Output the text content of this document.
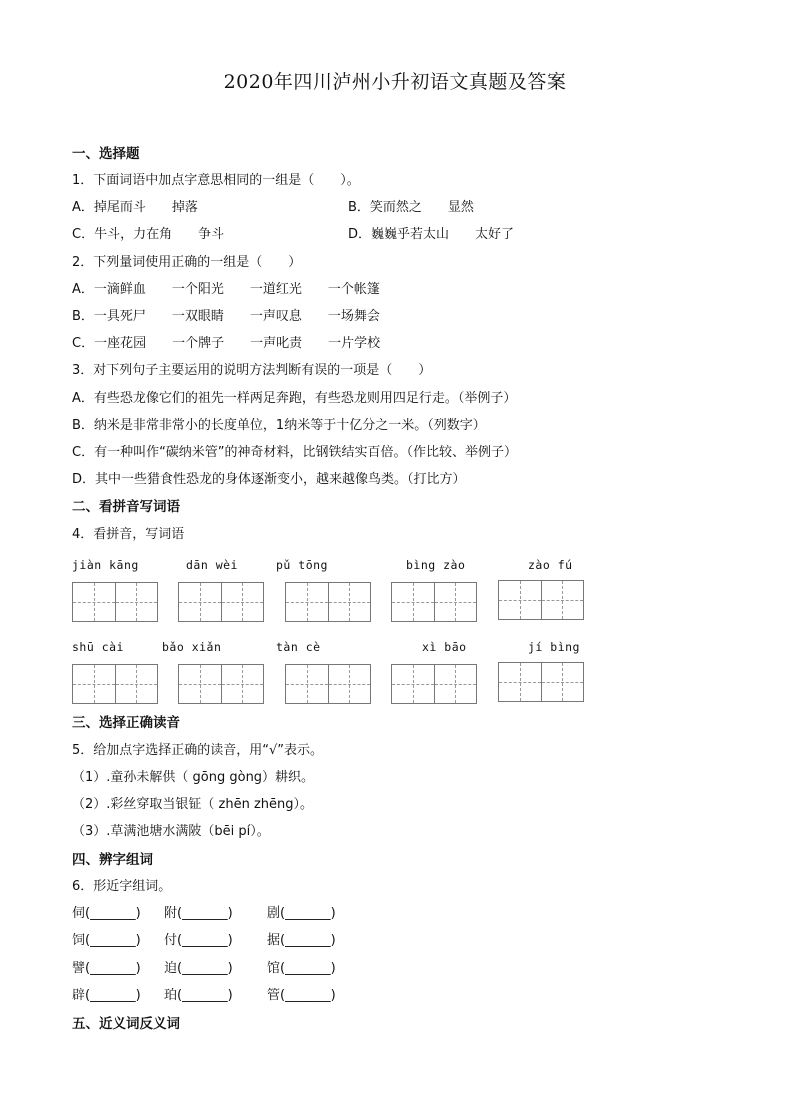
2020年四川泸州小升初语文真题及答案
一、选择题
1．下面词语中加点字意思相同的一组是（　　）。
A．掉尾而斗　　掉落	B．笑而然之　　显然
C．牛斗，力在角　　争斗	D．巍巍乎若太山　　太好了
2．下列量词使用正确的一组是（　　）
A．一滴鲜血　　一个阳光　　一道红光　　一个帐篷
B．一具死尸　　一双眼睛　　一声叹息　　一场舞会
C．一座花园　　一个牌子　　一声叱责　　一片学校
3．对下列句子主要运用的说明方法判断有误的一项是（　　）
A．有些恐龙像它们的祖先一样两足奔跑，有些恐龙则用四足行走。（举例子）
B．纳米是非常非常小的长度单位，1纳米等于十亿分之一米。（列数字）
C．有一种叫作“碳纳米管”的神奇材料，比钢铁结实百倍。（作比较、举例子）
D．其中一些猎食性恐龙的身体逐渐变小，越来越像鸟类。（打比方）
二、看拼音写词语
4．看拼音，写词语
jiàn kāng	dān wèi	pǔ tōng	bìng zào	zào fú
shū cài	bǎo xiǎn	tàn cè	xì bāo	jí bìng
三、选择正确读音
5．给加点字选择正确的读音，用“√”表示。
（1）.童孙未解供（ gōng gòng）耕织。
（2）.彩丝穿取当银钲（ zhēn zhēng）。
（3）.草满池塘水满陂（bēi pí）。
四、辨字组词
6．形近字组词。
伺(_______) 附(_______)	剧(_______)
饲(_______) 付(_______)	据(_______)
譬(_______) 迫(_______)	馆(_______)
辟(_______) 珀(_______)	管(_______)
五、近义词反义词
